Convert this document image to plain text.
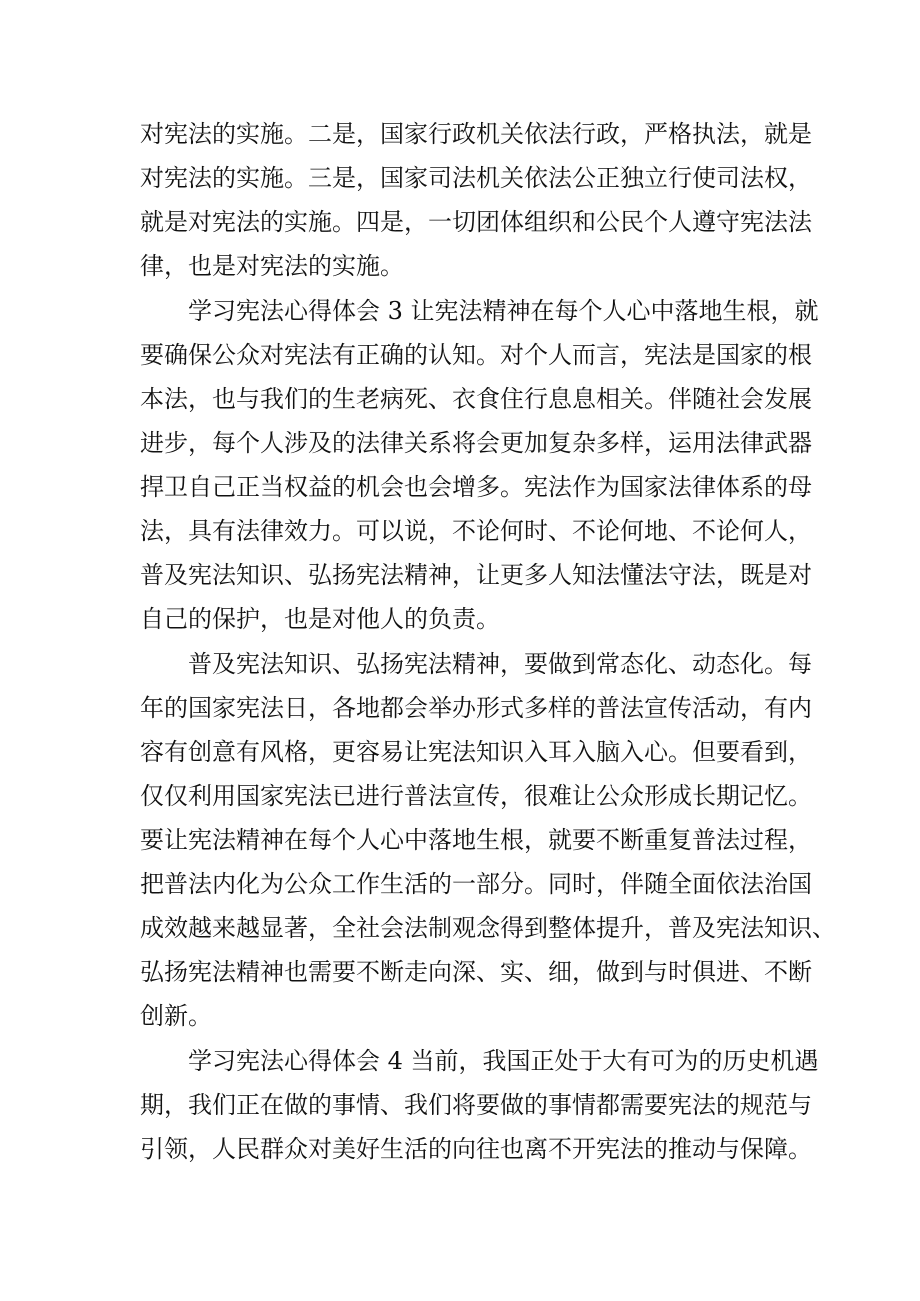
对宪法的实施。二是，国家行政机关依法行政，严格执法，就是
对宪法的实施。三是，国家司法机关依法公正独立行使司法权，
就是对宪法的实施。四是，一切团体组织和公民个人遵守宪法法
律，也是对宪法的实施。
学习宪法心得体会 3 让宪法精神在每个人心中落地生根，就
要确保公众对宪法有正确的认知。对个人而言，宪法是国家的根
本法，也与我们的生老病死、衣食住行息息相关。伴随社会发展
进步，每个人涉及的法律关系将会更加复杂多样，运用法律武器
捍卫自己正当权益的机会也会增多。宪法作为国家法律体系的母
法，具有法律效力。可以说，不论何时、不论何地、不论何人，
普及宪法知识、弘扬宪法精神，让更多人知法懂法守法，既是对
自己的保护，也是对他人的负责。
普及宪法知识、弘扬宪法精神，要做到常态化、动态化。每
年的国家宪法日，各地都会举办形式多样的普法宣传活动，有内
容有创意有风格，更容易让宪法知识入耳入脑入心。但要看到，
仅仅利用国家宪法已进行普法宣传，很难让公众形成长期记忆。
要让宪法精神在每个人心中落地生根，就要不断重复普法过程，
把普法内化为公众工作生活的一部分。同时，伴随全面依法治国
成效越来越显著，全社会法制观念得到整体提升，普及宪法知识、
弘扬宪法精神也需要不断走向深、实、细，做到与时俱进、不断
创新。
学习宪法心得体会 4 当前，我国正处于大有可为的历史机遇
期，我们正在做的事情、我们将要做的事情都需要宪法的规范与
引领，人民群众对美好生活的向往也离不开宪法的推动与保障。
